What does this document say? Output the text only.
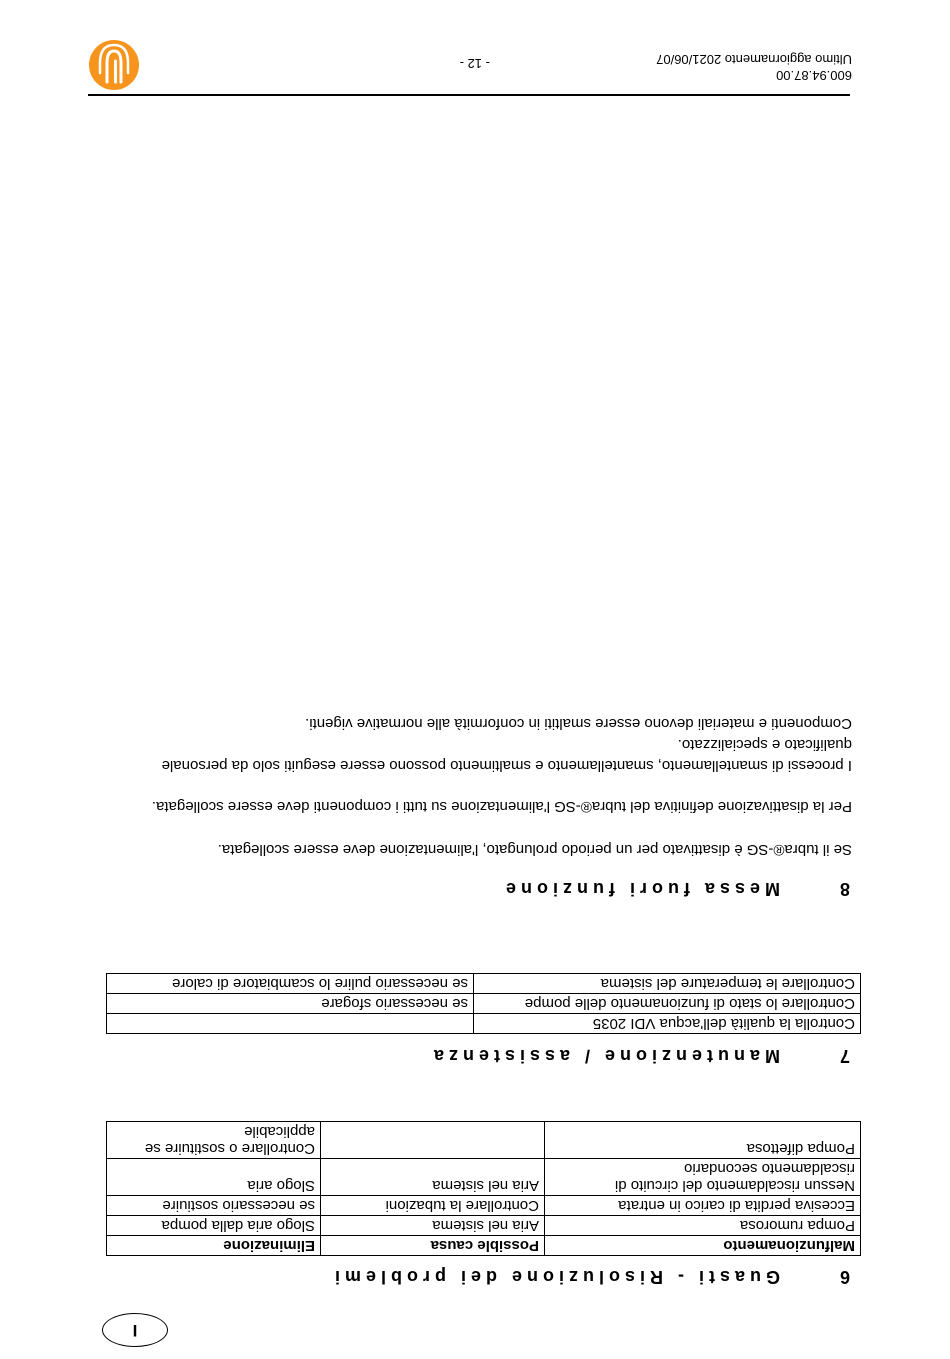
I
6Guasti - Risoluzione dei problemi
Malfunzionamento	Possible causa	Eliminazione
Pompa rumorosa	Aria nel sistema	Slogo aria dalla pompa
Eccesiva perdita di carico in entrata	Controllare la tubazioni	se necessario sostiuire
Nessun riscaldamento del circuito di riscaldamento secondario	Aria nel sistema	Slogo aria
Pompa difettosa		Controllare o sostituire se applicabile
7Manutenzione / assistenza
Controlla la qualità dell'acqua VDI 2035	
Controllare lo stato di funzionamento delle pompe	se necessario sfogare
Controllare le temperature del sistema	se necessario pulire lo scambiatore di calore
8Messa fuori funzione

Se il tubra®-SG è disattivato per un periodo prolungato, l'alimentazione deve essere scollegata.

Per la disattivazione definitiva del tubra®-SG l'alimentazione su tutti i componenti deve essere scollegata.

I processi di smantellamento, smantellamento e smaltimento possono essere eseguiti solo da personale qualificato e specializzato.

Componenti e materiali devono essere smaltiti in conformità alle normative vigenti.

600.94.87.00
Ultimo aggiornamento 2021/06/07
- 12 -
